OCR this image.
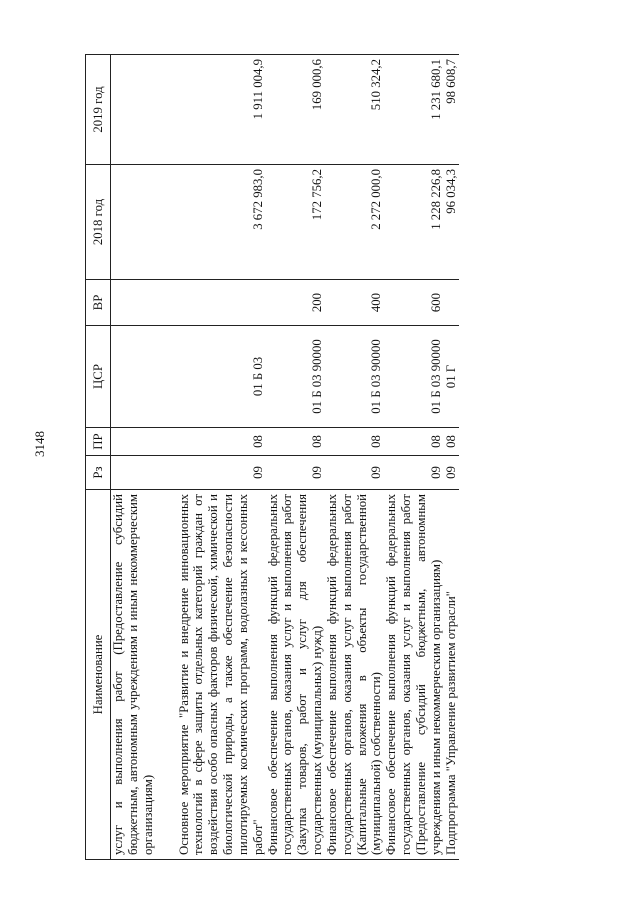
3148
Наименование	Рз	ПР	ЦСР	ВР	2018 год	2019 год
услуг и выполнения работ (Предоставление субсидий бюджетным, автономным учреждениям и иным некоммерческим организациям)						
Основное мероприятие "Развитие и внедрение инновационных технологий в сфере защиты отдельных категорий граждан от воздействия особо опасных факторов физической, химической и биологической природы, а также обеспечение безопасности пилотируемых космических программ, водолазных и кессонных работ"	09	08	01 Б 03		3 672 983,0	1 911 004,9
Финансовое обеспечение выполнения функций федеральных государственных органов, оказания услуг и выполнения работ (Закупка товаров, работ и услуг для обеспечения государственных (муниципальных) нужд)	09	08	01 Б 03 90000	200	172 756,2	169 000,6
Финансовое обеспечение выполнения функций федеральных государственных органов, оказания услуг и выполнения работ (Капитальные вложения в объекты государственной (муниципальной) собственности)	09	08	01 Б 03 90000	400	2 272 000,0	510 324,2
Финансовое обеспечение выполнения функций федеральных государственных органов, оказания услуг и выполнения работ (Предоставление субсидий бюджетным, автономным учреждениям и иным некоммерческим организациям)	09	08	01 Б 03 90000	600	1 228 226,8	1 231 680,1
Подпрограмма "Управление развитием отрасли"	09	08	01 Г		96 034,3	98 608,7
